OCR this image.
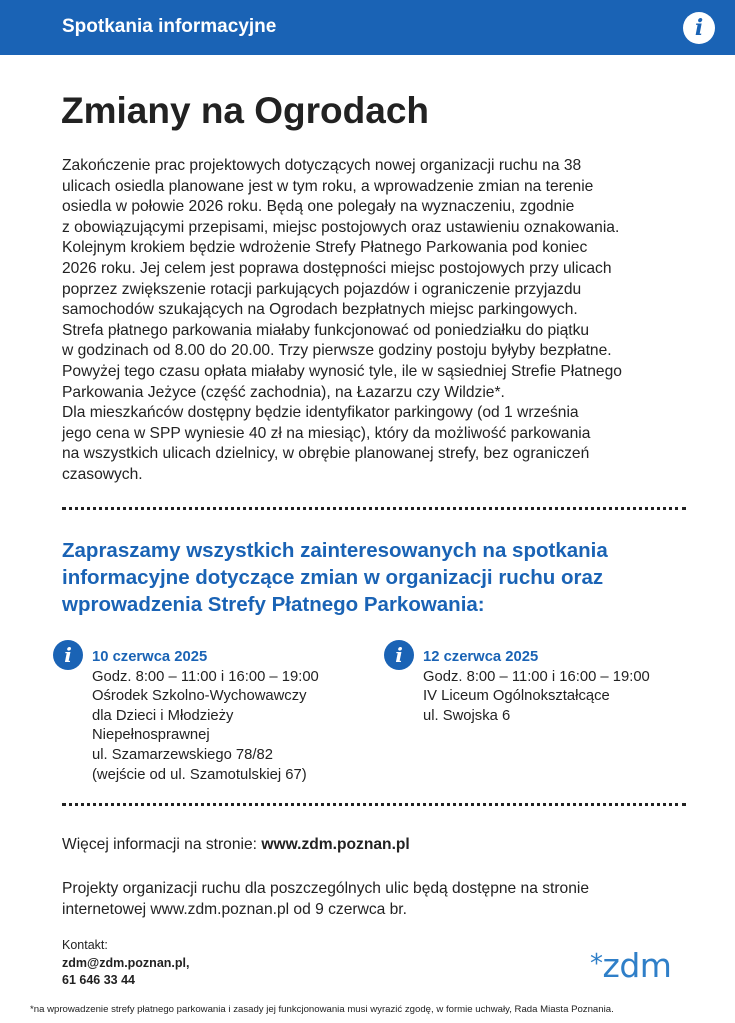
Spotkania informacyjne	i
Zmiany na Ogrodach
Zakończenie prac projektowych dotyczących nowej organizacji ruchu na 38
ulicach osiedla planowane jest w tym roku, a wprowadzenie zmian na terenie
osiedla w połowie 2026 roku. Będą one polegały na wyznaczeniu, zgodnie
z obowiązującymi przepisami, miejsc postojowych oraz ustawieniu oznakowania.
Kolejnym krokiem będzie wdrożenie Strefy Płatnego Parkowania pod koniec
2026 roku. Jej celem jest poprawa dostępności miejsc postojowych przy ulicach
poprzez zwiększenie rotacji parkujących pojazdów i ograniczenie przyjazdu
samochodów szukających na Ogrodach bezpłatnych miejsc parkingowych.
Strefa płatnego parkowania miałaby funkcjonować od poniedziałku do piątku
w godzinach od 8.00 do 20.00. Trzy pierwsze godziny postoju byłyby bezpłatne.
Powyżej tego czasu opłata miałaby wynosić tyle, ile w sąsiedniej Strefie Płatnego
Parkowania Jeżyce (część zachodnia), na Łazarzu czy Wildzie*.
Dla mieszkańców dostępny będzie identyfikator parkingowy (od 1 września
jego cena w SPP wyniesie 40 zł na miesiąc), który da możliwość parkowania
na wszystkich ulicach dzielnicy, w obrębie planowanej strefy, bez ograniczeń
czasowych.
Zapraszamy wszystkich zainteresowanych na spotkania
informacyjne dotyczące zmian w organizacji ruchu oraz
wprowadzenia Strefy Płatnego Parkowania:
i	10 czerwca 2025
Godz. 8:00 – 11:00 i 16:00 – 19:00
Ośrodek Szkolno-Wychowawczy
dla Dzieci i Młodzieży
Niepełnosprawnej
ul. Szamarzewskiego 78/82
(wejście od ul. Szamotulskiej 67)
i	12 czerwca 2025
Godz. 8:00 – 11:00 i 16:00 – 19:00
IV Liceum Ogólnokształcące
ul. Swojska 6
Więcej informacji na stronie: www.zdm.poznan.pl
Projekty organizacji ruchu dla poszczególnych ulic będą dostępne na stronie
internetowej www.zdm.poznan.pl od 9 czerwca br.
Kontakt:
zdm@zdm.poznan.pl,
61 646 33 44
*zdm
*na wprowadzenie strefy płatnego parkowania i zasady jej funkcjonowania musi wyrazić zgodę, w formie uchwały, Rada Miasta Poznania.
